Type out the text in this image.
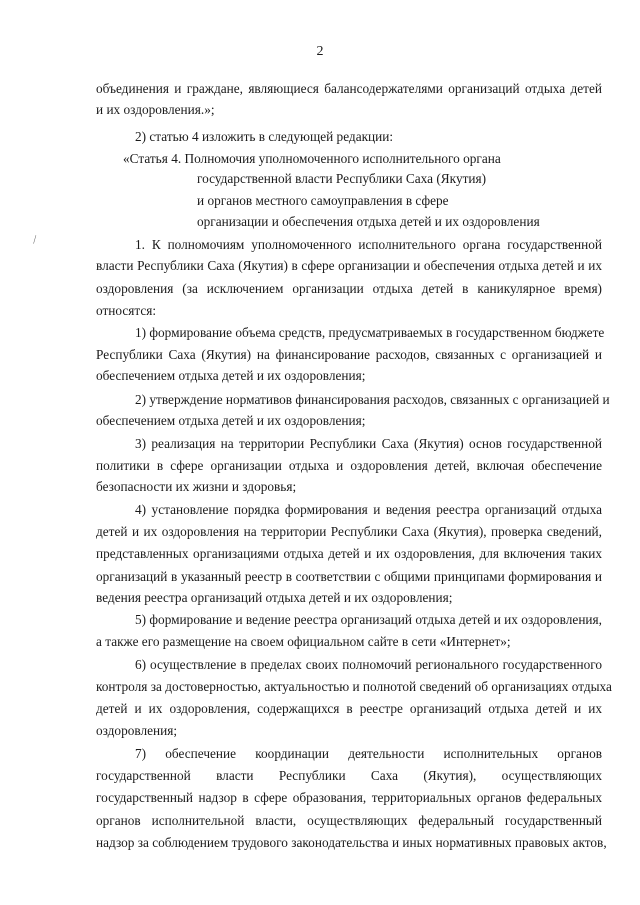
2
⁄
объединения и граждане, являющиеся балансодержателями организаций отдыха детей
и их оздоровления.»;
2) статью 4 изложить в следующей редакции:
«Статья 4. Полномочия уполномоченного исполнительного органа
государственной власти Республики Саха (Якутия)
и органов местного самоуправления в сфере
организации и обеспечения отдыха детей и их оздоровления
1. К полномочиям уполномоченного исполнительного органа государственной
власти Республики Саха (Якутия) в сфере организации и обеспечения отдыха детей и их
оздоровления (за исключением организации отдыха детей в каникулярное время)
относятся:
1) формирование объема средств, предусматриваемых в государственном бюджете
Республики Саха (Якутия) на финансирование расходов, связанных с организацией и
обеспечением отдыха детей и их оздоровления;
2) утверждение нормативов финансирования расходов, связанных с организацией и
обеспечением отдыха детей и их оздоровления;
3) реализация на территории Республики Саха (Якутия) основ государственной
политики в сфере организации отдыха и оздоровления детей, включая обеспечение
безопасности их жизни и здоровья;
4) установление порядка формирования и ведения реестра организаций отдыха
детей и их оздоровления на территории Республики Саха (Якутия), проверка сведений,
представленных организациями отдыха детей и их оздоровления, для включения таких
организаций в указанный реестр в соответствии с общими принципами формирования и
ведения реестра организаций отдыха детей и их оздоровления;
5) формирование и ведение реестра организаций отдыха детей и их оздоровления,
а также его размещение на своем официальном сайте в сети «Интернет»;
6) осуществление в пределах своих полномочий регионального государственного
контроля за достоверностью, актуальностью и полнотой сведений об организациях отдыха
детей и их оздоровления, содержащихся в реестре организаций отдыха детей и их
оздоровления;
7) обеспечение координации деятельности исполнительных органов
государственной власти Республики Саха (Якутия), осуществляющих
государственный надзор в сфере образования, территориальных органов федеральных
органов исполнительной власти, осуществляющих федеральный государственный
надзор за соблюдением трудового законодательства и иных нормативных правовых актов,
